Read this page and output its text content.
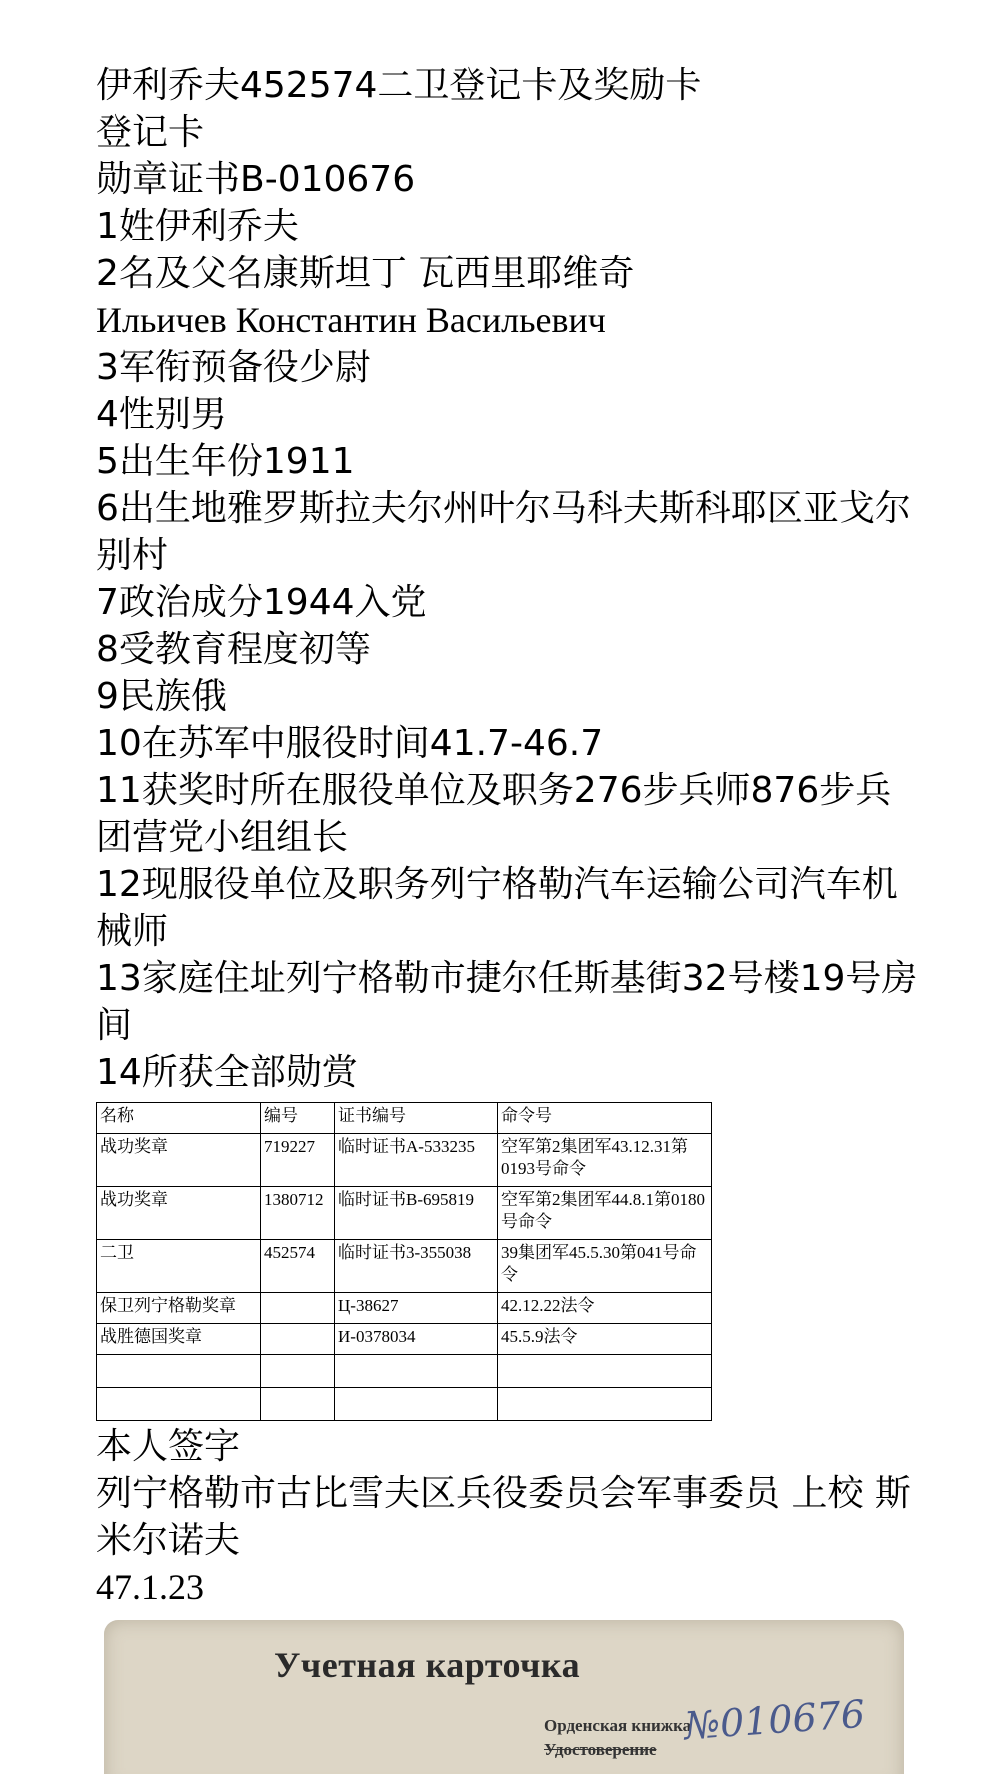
伊利乔夫452574二卫登记卡及奖励卡

登记卡

勋章证书B-010676

1姓伊利乔夫

2名及父名康斯坦丁 瓦西里耶维奇

Ильичев Константин Васильевич

3军衔预备役少尉

4性别男

5出生年份1911

6出生地雅罗斯拉夫尔州叶尔马科夫斯科耶区亚戈尔别村

7政治成分1944入党

8受教育程度初等

9民族俄

10在苏军中服役时间41.7-46.7

11获奖时所在服役单位及职务276步兵师876步兵团营党小组组长

12现服役单位及职务列宁格勒汽车运输公司汽车机械师

13家庭住址列宁格勒市捷尔任斯基街32号楼19号房间

14所获全部勋赏

名称	编号	证书编号	命令号
战功奖章	719227	临时证书A-533235	空军第2集团军43.12.31第0193号命令
战功奖章	1380712	临时证书B-695819	空军第2集团军44.8.1第0180号命令
二卫	452574	临时证书3-355038	39集团军45.5.30第041号命令
保卫列宁格勒奖章		Ц-38627	42.12.22法令
战胜德国奖章		И-0378034	45.5.9法令

本人签字

列宁格勒市古比雪夫区兵役委员会军事委员 上校 斯米尔诺夫

47.1.23

Учетная карточка
Орденская книжка
Удостоверение
№010676
